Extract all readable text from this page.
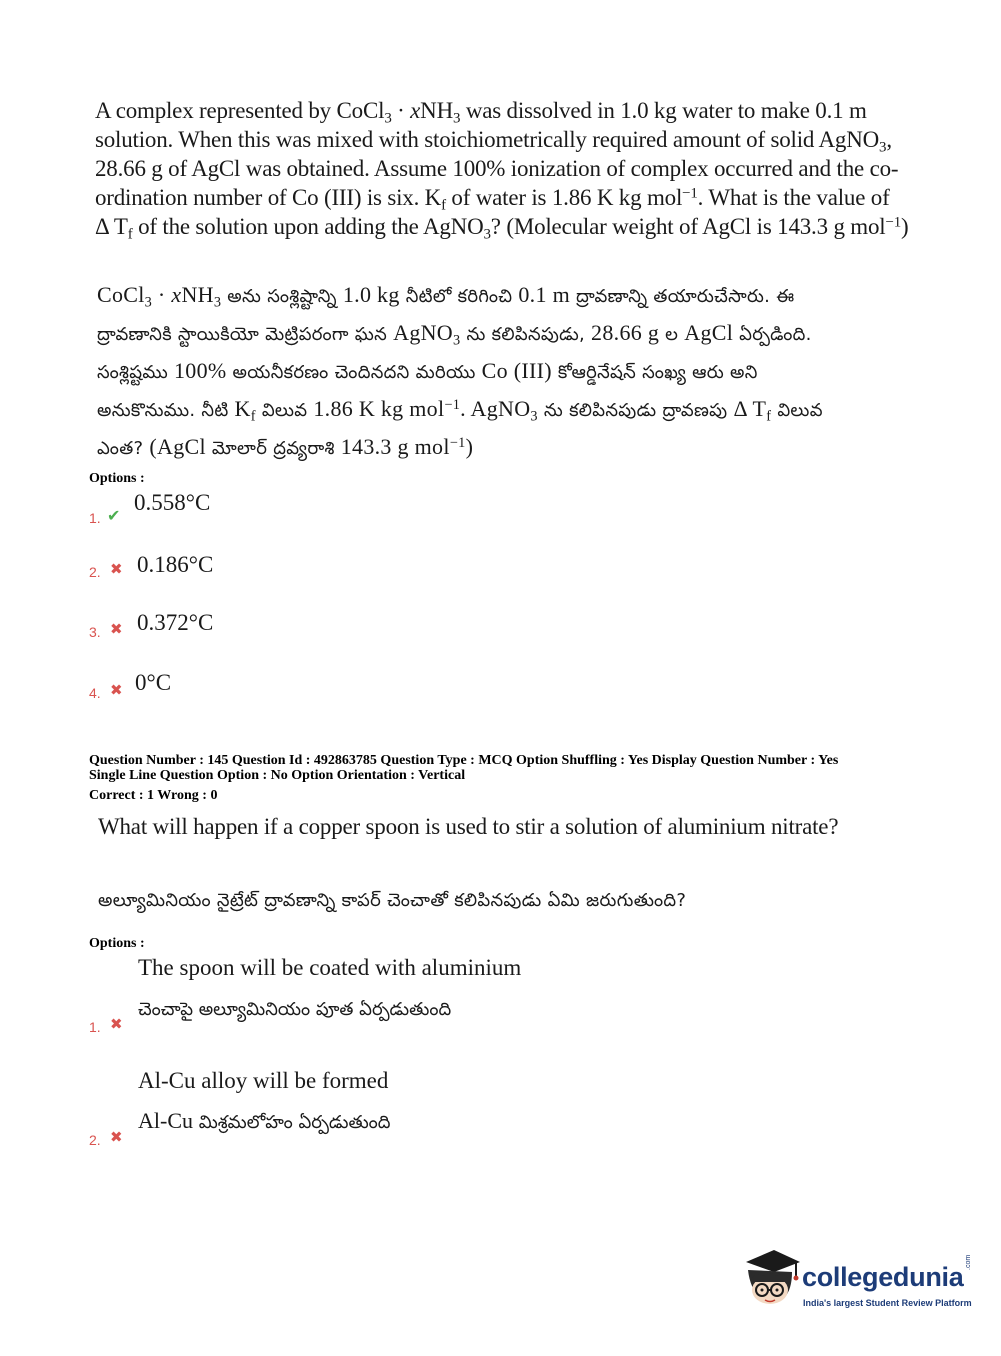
A complex represented by CoCl$_3$ · xNH$_3$ was dissolved in 1.0 kg water to make 0.1 m
solution. When this was mixed with stoichiometrically required amount of solid AgNO$_3$,
28.66 g of AgCl was obtained. Assume 100% ionization of complex occurred and the co-
ordination number of Co (III) is six. $K_f$ of water is 1.86 K kg mol$^{-1}$. What is the value of
Δ $T_f$ of the solution upon adding the AgNO$_3$? (Molecular weight of AgCl is 143.3 g mol$^{-1}$)
CoCl$_3$ · xNH$_3$ అను సంశ్లిష్టాన్ని 1.0 kg నీటిలో కరిగించి 0.1 m ద్రావణాన్ని తయారుచేసారు. ఈ
ద్రావణానికి స్టాయికియో మెట్రిపరంగా ఘన AgNO$_3$ ను కలిపినపుడు, 28.66 g ల AgCl ఏర్పడింది.
సంశ్లిష్టము 100% అయనీకరణం చెందినదని మరియు Co (III) కోఆర్డినేషన్ సంఖ్య ఆరు అని
అనుకొనుము. నీటి $K_f$ విలువ 1.86 K kg mol$^{-1}$. AgNO$_3$ ను కలిపినపుడు ద్రావణపు Δ $T_f$ విలువ
ఎంత? (AgCl మోలార్ ద్రవ్యరాశి 143.3 g mol$^{-1}$)
Options :
1. ✔
0.558°C
2. ✖ 0.186°C
3. ✖ 0.372°C
4. ✖ 0°C
Question Number : 145 Question Id : 492863785 Question Type : MCQ Option Shuffling : Yes Display Question Number : Yes
Single Line Question Option : No Option Orientation : Vertical
Correct : 1 Wrong : 0
What will happen if a copper spoon is used to stir a solution of aluminium nitrate?
అల్యూమినియం నైట్రేట్ ద్రావణాన్ని కాపర్ చెంచాతో కలిపినపుడు ఏమి జరుగుతుంది?
Options :
The spoon will be coated with aluminium
చెంచాపై అల్యూమినియం పూత ఏర్పడుతుంది
1. ✖
Al-Cu alloy will be formed
Al-Cu మిశ్రమలోహం ఏర్పడుతుంది
2. ✖
collegedunia .com
India's largest Student Review Platform
